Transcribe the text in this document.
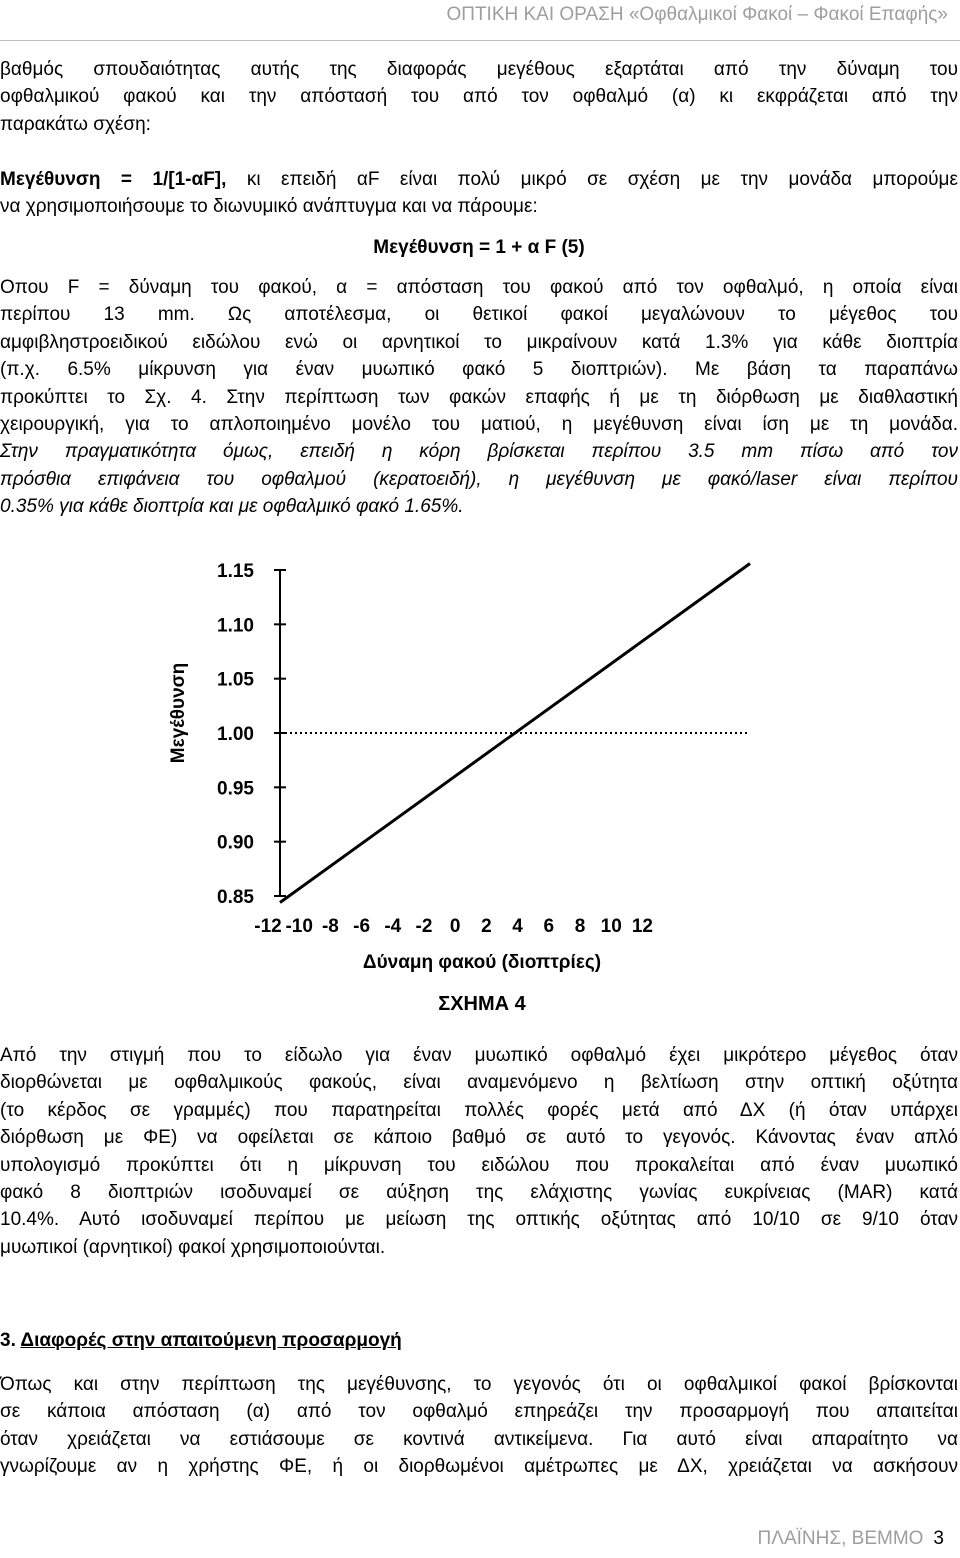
ΟΠΤΙΚΗ ΚΑΙ ΟΡΑΣΗ «Οφθαλμικοί Φακοί – Φακοί Επαφής»
βαθμός σπουδαιότητας αυτής της διαφοράς μεγέθους εξαρτάται από την δύναμη του
οφθαλμικού φακού και την απόστασή του από τον οφθαλμό (α) κι εκφράζεται από την
παρακάτω σχέση:
Μεγέθυνση = 1/[1-αF], κι επειδή αF είναι πολύ μικρό σε σχέση με την μονάδα μπορούμε
να χρησιμοποιήσουμε το διωνυμικό ανάπτυγμα και να πάρουμε:
Μεγέθυνση = 1 + α F (5)
Οπου F = δύναμη του φακού, α = απόσταση του φακού από τον οφθαλμό, η οποία είναι
περίπου 13 mm. Ως αποτέλεσμα, οι θετικοί φακοί μεγαλώνουν το μέγεθος του
αμφιβληστροειδικού ειδώλου ενώ οι αρνητικοί το μικραίνουν κατά 1.3% για κάθε διοπτρία
(π.χ. 6.5% μίκρυνση για έναν μυωπικό φακό 5 διοπτριών). Με βάση τα παραπάνω
προκύπτει το Σχ. 4. Στην περίπτωση των φακών επαφής ή με τη διόρθωση με διαθλαστική
χειρουργική, για το απλοποιημένο μονέλο του ματιού, η μεγέθυνση είναι ίση με τη μονάδα.
Στην πραγματικότητα όμως, επειδή η κόρη βρίσκεται περίπου 3.5 mm πίσω από τον
πρόσθια επιφάνεια του οφθαλμού (κερατοειδή), η μεγέθυνση με φακό/laser είναι περίπου
0.35% για κάθε διοπτρία και με οφθαλμικό φακό 1.65%.
1.15
1.10
1.05
1.00
0.95
0.90
0.85
-12 -10 -8 -6 -4 -2 0 2 4 6 8 10 12
Δύναμη φακού (διοπτρίες)
Μεγέθυνση
ΣΧΗΜΑ 4
Από την στιγμή που το είδωλο για έναν μυωπικό οφθαλμό έχει μικρότερο μέγεθος όταν
διορθώνεται με οφθαλμικούς φακούς, είναι αναμενόμενο η βελτίωση στην οπτική οξύτητα
(το κέρδος σε γραμμές) που παρατηρείται πολλές φορές μετά από ΔΧ (ή όταν υπάρχει
διόρθωση με ΦΕ) να οφείλεται σε κάποιο βαθμό σε αυτό το γεγονός. Κάνοντας έναν απλό
υπολογισμό προκύπτει ότι η μίκρυνση του ειδώλου που προκαλείται από έναν μυωπικό
φακό 8 διοπτριών ισοδυναμεί σε αύξηση της ελάχιστης γωνίας ευκρίνειας (MAR) κατά
10.4%. Αυτό ισοδυναμεί περίπου με μείωση της οπτικής οξύτητας από 10/10 σε 9/10 όταν
μυωπικοί (αρνητικοί) φακοί χρησιμοποιούνται.
3. Διαφορές στην απαιτούμενη προσαρμογή
Όπως και στην περίπτωση της μεγέθυνσης, το γεγονός ότι οι οφθαλμικοί φακοί βρίσκονται
σε κάποια απόσταση (α) από τον οφθαλμό επηρεάζει την προσαρμογή που απαιτείται
όταν χρειάζεται να εστιάσουμε σε κοντινά αντικείμενα. Για αυτό είναι απαραίτητο να
γνωρίζουμε αν η χρήστης ΦΕ, ή οι διορθωμένοι αμέτρωπες με ΔΧ, χρειάζεται να ασκήσουν
ΠΛΑΪΝΗΣ, ΒΕΜΜΟ 3
